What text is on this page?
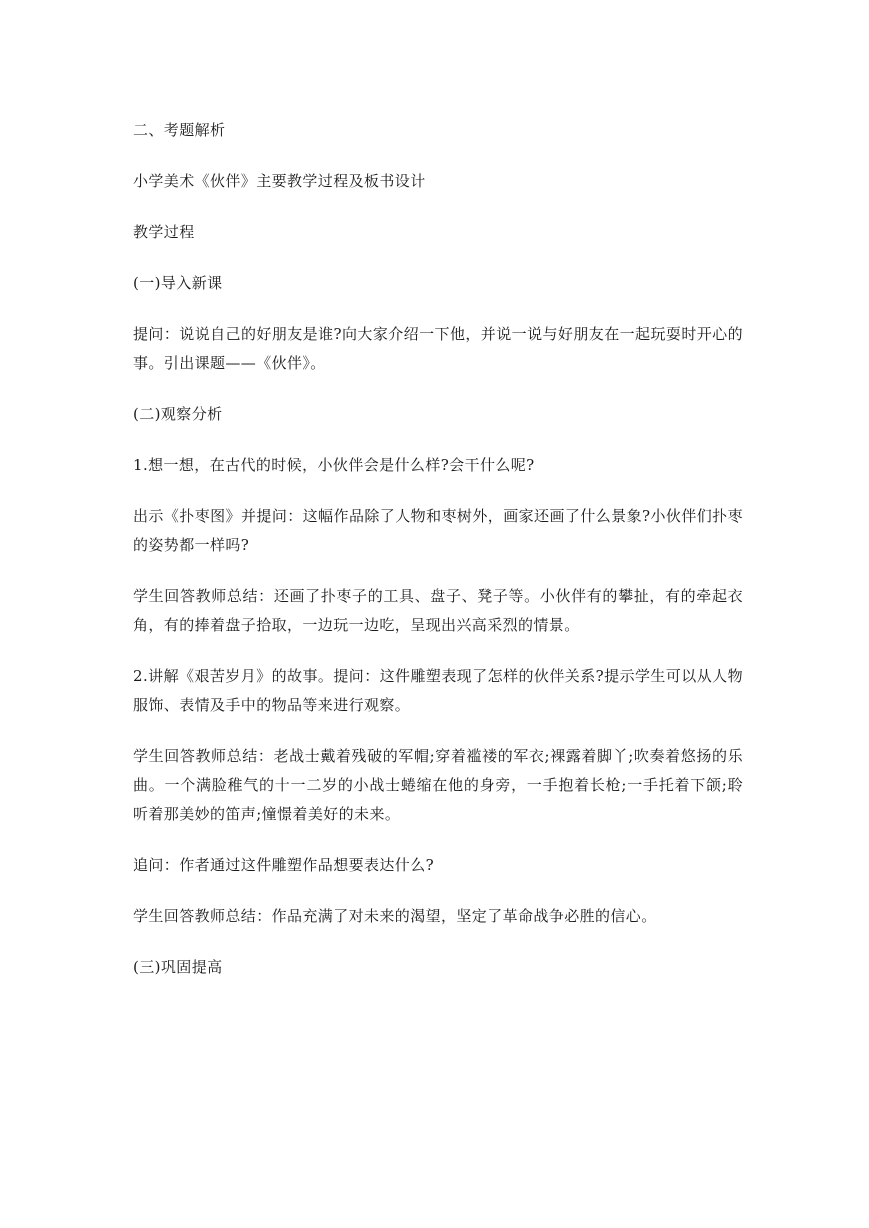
二、考题解析

小学美术《伙伴》主要教学过程及板书设计

教学过程

(一)导入新课

提问：说说自己的好朋友是谁?向大家介绍一下他，并说一说与好朋友在一起玩耍时开心的事。引出课题——《伙伴》。

(二)观察分析

1.想一想，在古代的时候，小伙伴会是什么样?会干什么呢?

出示《扑枣图》并提问：这幅作品除了人物和枣树外，画家还画了什么景象?小伙伴们扑枣的姿势都一样吗?

学生回答教师总结：还画了扑枣子的工具、盘子、凳子等。小伙伴有的攀扯，有的牵起衣角，有的捧着盘子拾取，一边玩一边吃，呈现出兴高采烈的情景。

2.讲解《艰苦岁月》的故事。提问：这件雕塑表现了怎样的伙伴关系?提示学生可以从人物服饰、表情及手中的物品等来进行观察。

学生回答教师总结：老战士戴着残破的军帽;穿着褴褛的军衣;裸露着脚丫;吹奏着悠扬的乐曲。一个满脸稚气的十一二岁的小战士蜷缩在他的身旁，一手抱着长枪;一手托着下颌;聆听着那美妙的笛声;憧憬着美好的未来。

追问：作者通过这件雕塑作品想要表达什么?

学生回答教师总结：作品充满了对未来的渴望，坚定了革命战争必胜的信心。

(三)巩固提高
